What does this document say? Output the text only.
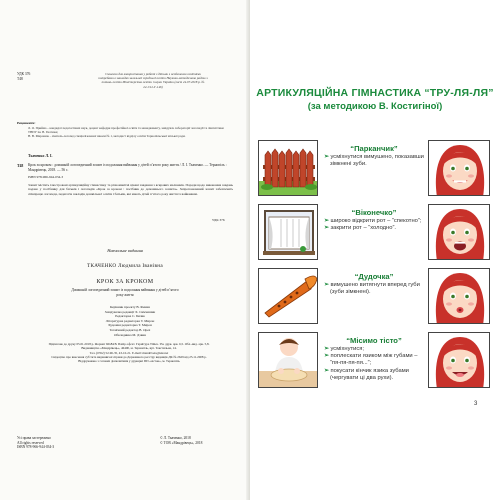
УДК 376
Т48
Схвалено для використання у роботі з дітьми з особливими освітніми потребами в закладах загальної середньої освіти Науково-методичною радою з питань освіти Міністерства освіти і науки України (лист 24.07.2018 р. № 22.1/12-Г-146)
Рецензенти:
Л. О. Прийма – кандидат педагогічних наук, доцент кафедри професійної освіти та менеджменту, завідувач лабораторії логопедії та лінгвістики ТНПУ ім. В. Гнатюка;
Н. В. Миронюк – вчитель-логопед спеціалізованої школи № 1, методист відділу освіти Тернопільської міської ради.
Ткаченко Л. І.
Т48 Крок за кроком : домашній логопедичний зошит із подолання вайвання у дітей п’ятого року життя / Л. І. Ткаченко. — Тернопіль : Мандрівець, 2018. — 56 с.
ISBN 978-966-944-034-3
Зошит містить ілюстровані артикуляційну гімнастику та різноманітні цікаві завдання з яскравих малюнків. Поради щодо виконання завдань подано у посібнику для батьків і логопедів «Крок за кроком : посібник до домашнього зошита». Запропонований зошит забезпечить співпрацю логопеда, педагогів закладів дошкільної освіти і батьків, які мають дітей п’ятого року життя із вайванням.
УДК 376
Навчальне видання
ТКАЧЕНКО Людмила Іванівна
КРОК ЗА КРОКОМ
Домашній логопедичний зошит із подолання вайвання у дітей п’ятого року життя
Керівник проекту В. Фенин
Завідувачка редакції Х. Симчишин
Редакторка С. Биляк
Літературна редакторка Т. Мирон
Художня редакторка Т. Мирон
Технічний редактор В. Орех
Обкладинка М. Дзвин
Підписано до друку 05.01.2018 р. Формат 60х84/8. Папір офсет. Гарнітура Times. Ум. друк. арк. 6,5. Обл.-вид. арк. 5,8.
Видавництво «Мандрівець», 46400, м. Тернопіль, вул. Текстильна, 14.
Тел. (0352) 52-96-35, 43-10-21. E-mail: mandrivets@ukr.net
Свідоцтво про внесення суб’єкта видавничої справи до Державного реєстру видавців ДК № 2629 від 25.11.2008 р.
Віддруковано з готових діапозитивів у друкарні ПП «Астон», м. Тернопіль
Усі права застережено
All rights reserved
ISBN 978-966-944-034-3
© Л. Ткаченко, 2018
© ТОВ «Мандрівець», 2018
АРТИКУЛЯЦІЙНА ГІМНАСТИКА “ТРУ-ЛЯ-ЛЯ”
(за методикою В. Костигіної)
“Парканчик”
➢ усміхнутися вимушено, показавши зімкнені зуби.
“Віконечко”
➢ широко відкрити рот – “спекотно”;
➢ закрити рот – “холодно”.
“Дудочка”
➢ вимушено витягнути вперед губи (зуби зімкнені).
“Місимо тісто”
➢ усміхнутися;
➢ поплескати язиком між губами – “пя-пя-пя-пя...”;
➢ покусати кінчик язика зубами (чергувати ці два рухи).
3
